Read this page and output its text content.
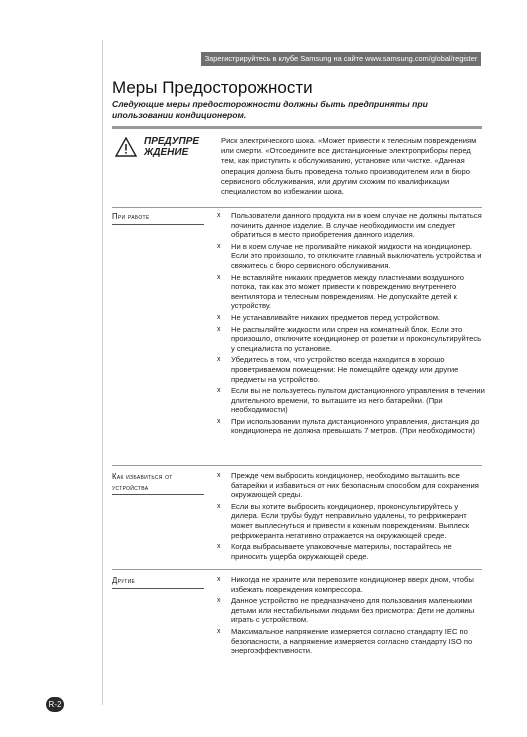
Зарегистрируйтесь в клубе Samsung на сайте www.samsung.com/global/register
Меры Предосторожности
Следующие меры предосторожности должны быть предприняты при ипользовании кондиционером.
ПРЕДУПРЕ ЖДЕНИЕ
Риск электрического шока. «Может привести к телесным повреждениям или смерти. «Отсоедините все дистанционные электроприборы перед тем, как приступить к обслуживанию, установке или чистке. «Данная операция должна быть проведена только производителем или в бюро сервисного обслуживания, или другим схожим по квалификации специалистом во избежании шока.
При работе	x Пользователи данного продукта ни в коем случае не должны пытаться починить данное изделие. В случае необходимости им следует обратиться в место приобретения данного изделия.
x Ни в коем случае не проливайте никакой жидкости на кондиционер. Если это произошло, то отключите главный выключатель устройства и свяжитесь с бюро сервисного обслуживания.
x Не вставляйте никаких предметов между пластинами воздушного потока, так как это может привести к повреждению внутреннего вентилятора и телесным повреждениям. Не допускайте детей к устройству.
x Не устанавливайте никаких предметов перед устройством.
x Не распыляйте жидкости или спреи на комнатный блок. Если это произошло, отключите кондиционер от розетки и проконсультируйтесь у специалиста по установке.
x Убедитесь в том, что устройство всегда находится в хорошо проветриваемом помещении: Не помещайте одежду или другие предметы на устройство.
x Если вы не пользуетесь пультом дистанционного управления в течении длительного времени, то выташите из него батарейки. (При необходимости)
x При использовании пульта дистанционного управления, дистанция до кондиционера не должна превышать 7 метров. (При необходимости)
Как избавиться от устройства
x Прежде чем выбросить кондиционер, необходимо выташить все батарейки и избавиться от них безопасным способом для сохранения окружающей среды.
x Если вы хотите выбросить кондиционер, проконсультируйтесь у дилера. Если трубы будут неправильно удалены, то рефрижерант может выплеснуться и привести к кожным повреждениям. Выплеск рефрижеранта негативно отражается на окружающей среде.
x Когда выбрасываете упаковочные материлы, постарайтесь не приносить ущерба окружающей среде.
Другие	x Никогда не храните или перевозите кондиционер вверх дном, чтобы избежать повреждения компрессора.
x Данное устройство не предназначено для пользования маленькими детьми или нестабильными людьми без присмотра: Дети не должны играть с устройством.
x Максимальное напряжение измеряется согласно стандарту IEC по безопасности, а напряжение измеряется согласно стандарту ISO по энергоэффективности.
R-2
